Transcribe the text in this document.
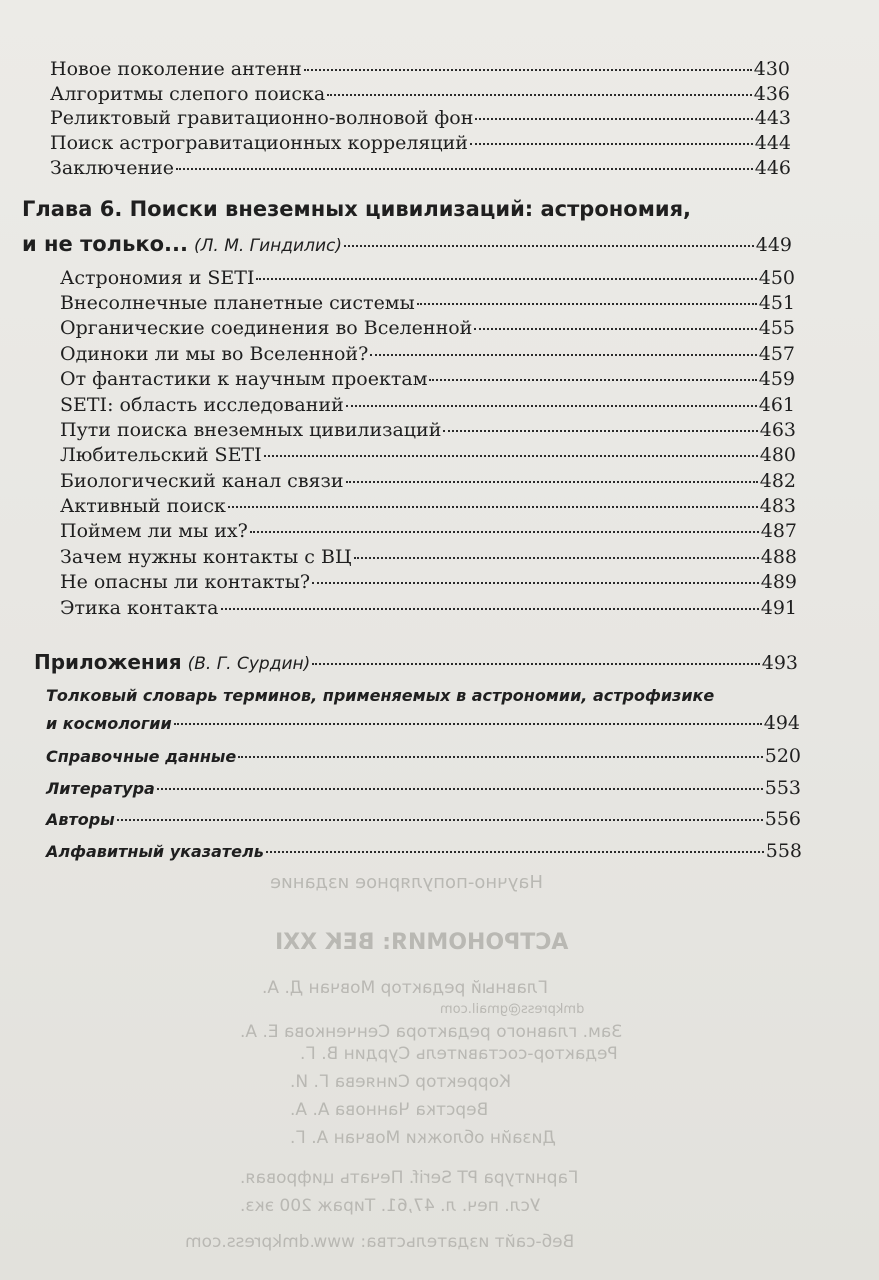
Научно-популярное издание
АСТРОНОМИЯ: ВЕК XXI
Главный редактор Мовчан Д. А.
dmkpress@gmail.com
Зам. главного редактора Сенченкова Е. А.
Редактор-составитель Сурдин В. Г.
Корректор Синяева Г. И.
Верстка Чаннова А. А.
Дизайн обложки Мовчан А. Г.
Гарнитура PT Serif. Печать цифровая.
Усл. печ. л. 47,61. Тираж 200 экз.
Веб-сайт издательства: www.dmkpress.com
Новое поколение антенн	430
Алгоритмы слепого поиска	436
Реликтовый гравитационно-волновой фон	443
Поиск астрогравитационных корреляций	444
Заключение	446
Глава 6. Поиски внеземных цивилизаций: астрономия,
и не только... (Л. М. Гиндилис)	449
Астрономия и SETI	450
Внесолнечные планетные системы	451
Органические соединения во Вселенной	455
Одиноки ли мы во Вселенной?	457
От фантастики к научным проектам	459
SETI: область исследований	461
Пути поиска внеземных цивилизаций	463
Любительский SETI	480
Биологический канал связи	482
Активный поиск	483
Поймем ли мы их?	487
Зачем нужны контакты с ВЦ	488
Не опасны ли контакты?	489
Этика контакта	491
Приложения (В. Г. Сурдин)	493
Толковый словарь терминов, применяемых в астрономии, астрофизике
и космологии	494
Справочные данные	520
Литература	553
Авторы	556
Алфавитный указатель	558
